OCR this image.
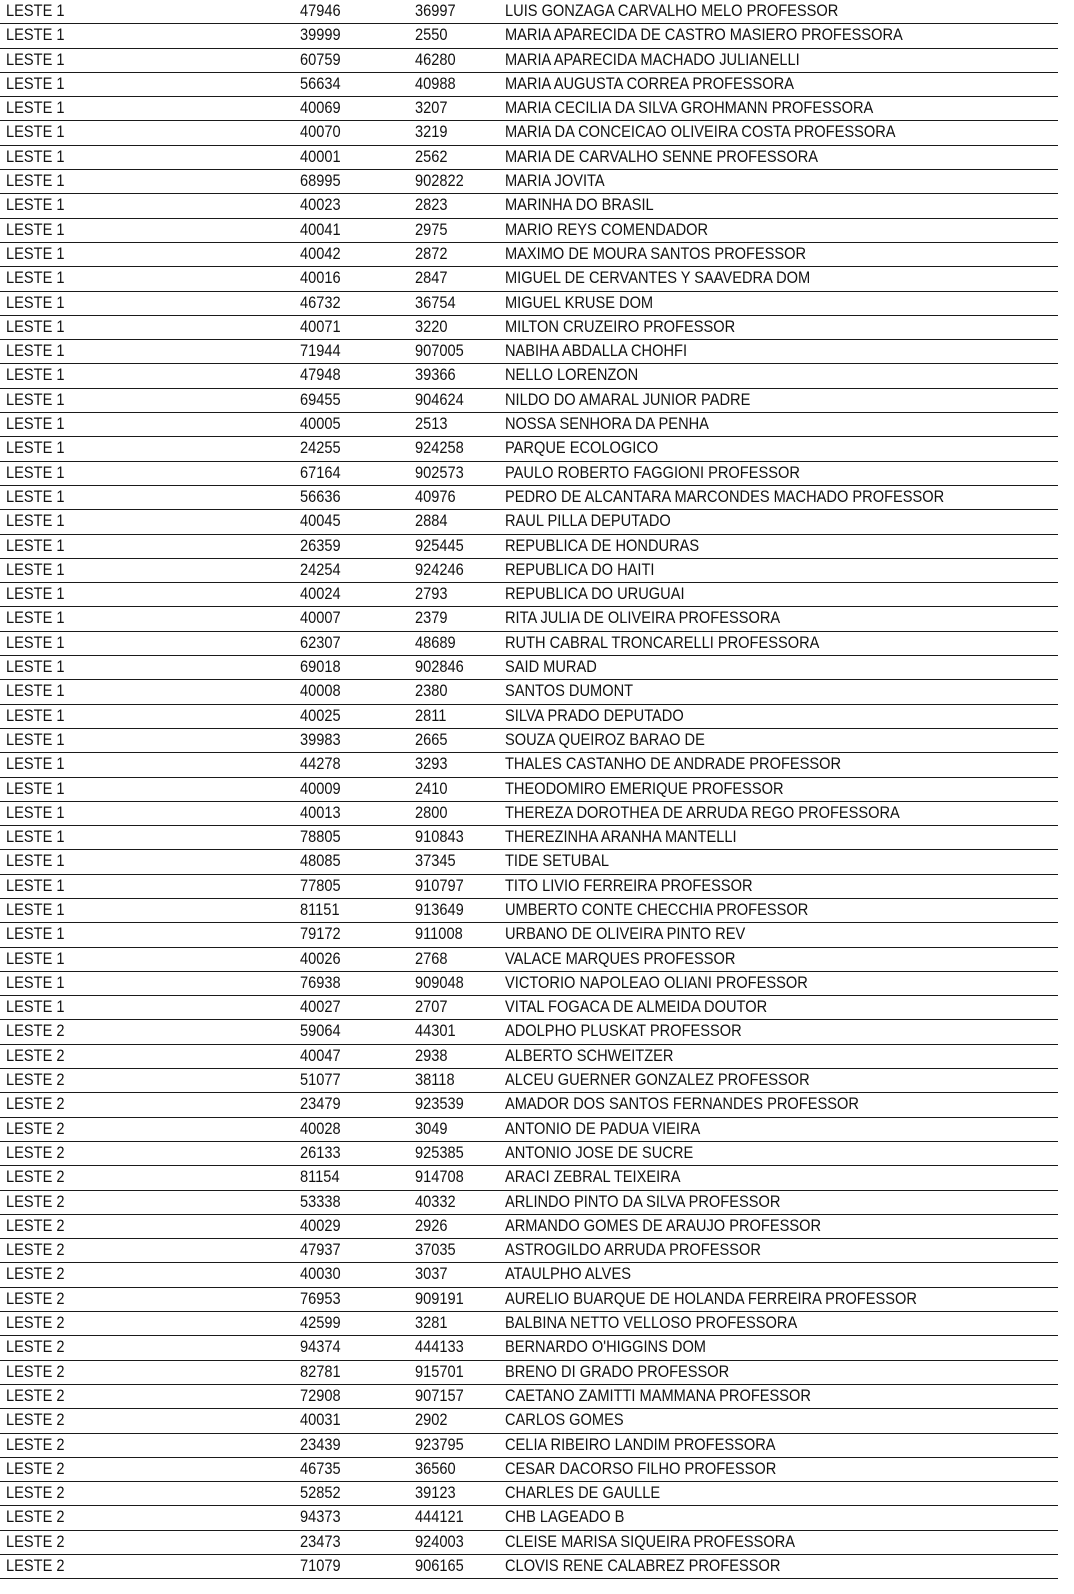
LESTE 1	47946	36997	LUIS GONZAGA CARVALHO MELO PROFESSOR
LESTE 1	39999	2550	MARIA APARECIDA DE CASTRO MASIERO PROFESSORA
LESTE 1	60759	46280	MARIA APARECIDA MACHADO JULIANELLI
LESTE 1	56634	40988	MARIA AUGUSTA CORREA PROFESSORA
LESTE 1	40069	3207	MARIA CECILIA DA SILVA GROHMANN PROFESSORA
LESTE 1	40070	3219	MARIA DA CONCEICAO OLIVEIRA COSTA PROFESSORA
LESTE 1	40001	2562	MARIA DE CARVALHO SENNE PROFESSORA
LESTE 1	68995	902822 MARIA JOVITA
LESTE 1	40023	2823	MARINHA DO BRASIL
LESTE 1	40041	2975	MARIO REYS COMENDADOR
LESTE 1	40042	2872	MAXIMO DE MOURA SANTOS PROFESSOR
LESTE 1	40016	2847	MIGUEL DE CERVANTES Y SAAVEDRA DOM
LESTE 1	46732	36754	MIGUEL KRUSE DOM
LESTE 1	40071	3220	MILTON CRUZEIRO PROFESSOR
LESTE 1	71944	907005 NABIHA ABDALLA CHOHFI
LESTE 1	47948	39366	NELLO LORENZON
LESTE 1	69455	904624 NILDO DO AMARAL JUNIOR PADRE
LESTE 1	40005	2513	NOSSA SENHORA DA PENHA
LESTE 1	24255	924258 PARQUE ECOLOGICO
LESTE 1	67164	902573 PAULO ROBERTO FAGGIONI PROFESSOR
LESTE 1	56636	40976	PEDRO DE ALCANTARA MARCONDES MACHADO PROFESSOR
LESTE 1	40045	2884	RAUL PILLA DEPUTADO
LESTE 1	26359	925445 REPUBLICA DE HONDURAS
LESTE 1	24254	924246 REPUBLICA DO HAITI
LESTE 1	40024	2793	REPUBLICA DO URUGUAI
LESTE 1	40007	2379	RITA JULIA DE OLIVEIRA PROFESSORA
LESTE 1	62307	48689	RUTH CABRAL TRONCARELLI PROFESSORA
LESTE 1	69018	902846 SAID MURAD
LESTE 1	40008	2380	SANTOS DUMONT
LESTE 1	40025	2811	SILVA PRADO DEPUTADO
LESTE 1	39983	2665	SOUZA QUEIROZ BARAO DE
LESTE 1	44278	3293	THALES CASTANHO DE ANDRADE PROFESSOR
LESTE 1	40009	2410	THEODOMIRO EMERIQUE PROFESSOR
LESTE 1	40013	2800	THEREZA DOROTHEA DE ARRUDA REGO PROFESSORA
LESTE 1	78805	910843 THEREZINHA ARANHA MANTELLI
LESTE 1	48085	37345	TIDE SETUBAL
LESTE 1	77805	910797 TITO LIVIO FERREIRA PROFESSOR
LESTE 1	81151	913649 UMBERTO CONTE CHECCHIA PROFESSOR
LESTE 1	79172	911008 URBANO DE OLIVEIRA PINTO REV
LESTE 1	40026	2768	VALACE MARQUES PROFESSOR
LESTE 1	76938	909048 VICTORIO NAPOLEAO OLIANI PROFESSOR
LESTE 1	40027	2707	VITAL FOGACA DE ALMEIDA DOUTOR
LESTE 2	59064	44301	ADOLPHO PLUSKAT PROFESSOR
LESTE 2	40047	2938	ALBERTO SCHWEITZER
LESTE 2	51077	38118	ALCEU GUERNER GONZALEZ PROFESSOR
LESTE 2	23479	923539 AMADOR DOS SANTOS FERNANDES PROFESSOR
LESTE 2	40028	3049	ANTONIO DE PADUA VIEIRA
LESTE 2	26133	925385 ANTONIO JOSE DE SUCRE
LESTE 2	81154	914708 ARACI ZEBRAL TEIXEIRA
LESTE 2	53338	40332	ARLINDO PINTO DA SILVA PROFESSOR
LESTE 2	40029	2926	ARMANDO GOMES DE ARAUJO PROFESSOR
LESTE 2	47937	37035	ASTROGILDO ARRUDA PROFESSOR
LESTE 2	40030	3037	ATAULPHO ALVES
LESTE 2	76953	909191 AURELIO BUARQUE DE HOLANDA FERREIRA PROFESSOR
LESTE 2	42599	3281	BALBINA NETTO VELLOSO PROFESSORA
LESTE 2	94374	444133 BERNARDO O'HIGGINS DOM
LESTE 2	82781	915701 BRENO DI GRADO PROFESSOR
LESTE 2	72908	907157 CAETANO ZAMITTI MAMMANA PROFESSOR
LESTE 2	40031	2902	CARLOS GOMES
LESTE 2	23439	923795 CELIA RIBEIRO LANDIM PROFESSORA
LESTE 2	46735	36560	CESAR DACORSO FILHO PROFESSOR
LESTE 2	52852	39123	CHARLES DE GAULLE
LESTE 2	94373	444121 CHB LAGEADO B
LESTE 2	23473	924003 CLEISE MARISA SIQUEIRA PROFESSORA
LESTE 2	71079	906165 CLOVIS RENE CALABREZ PROFESSOR
